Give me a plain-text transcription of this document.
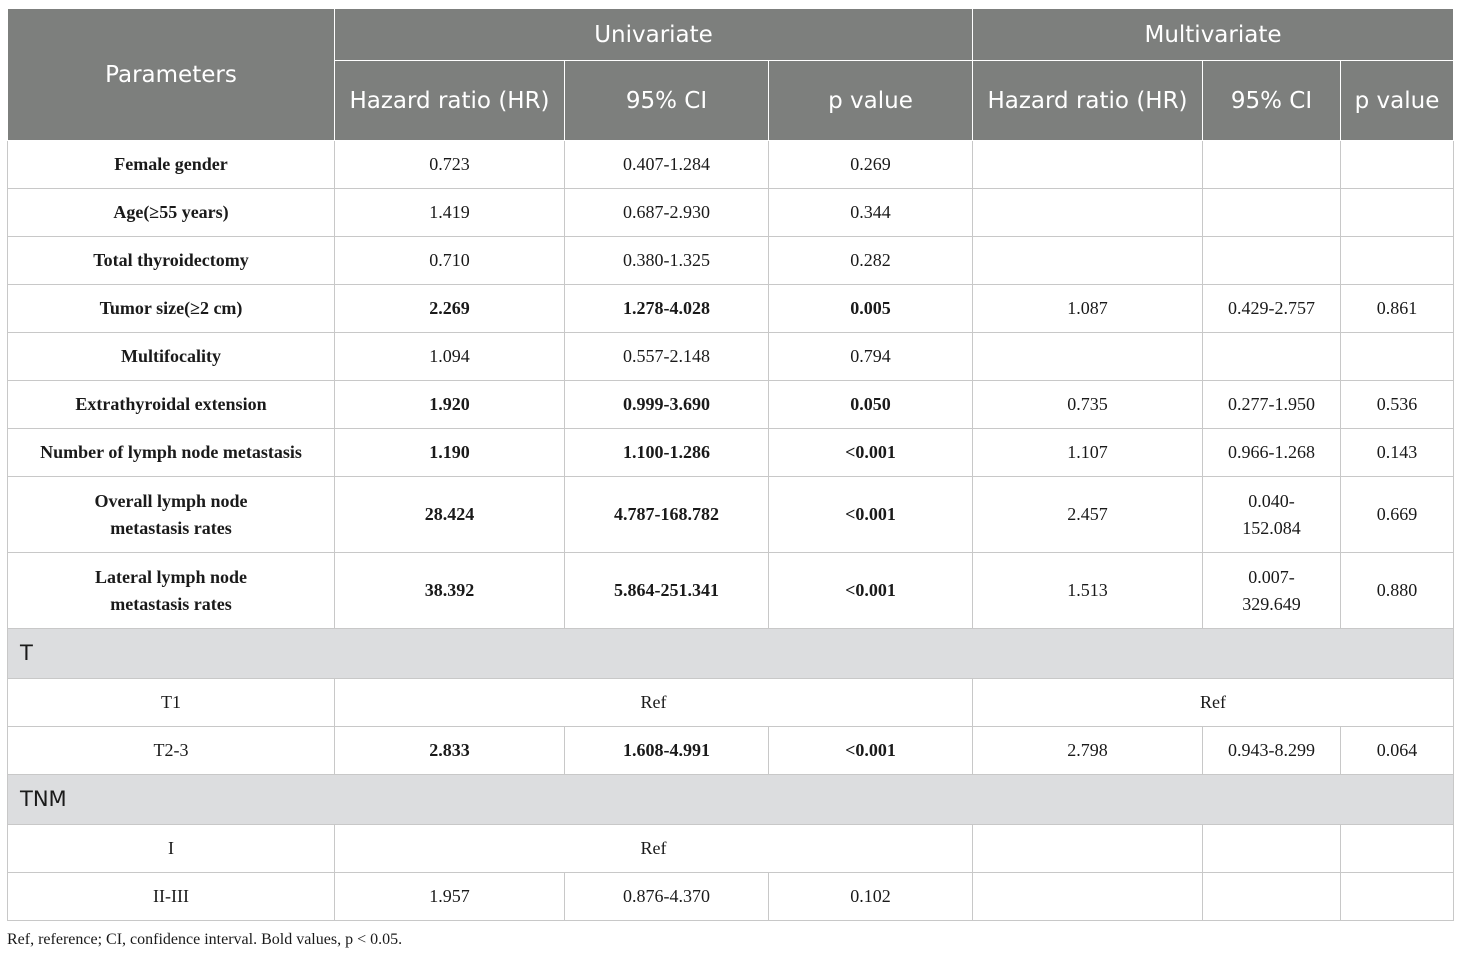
Parameters	Univariate			Multivariate		
	Hazard ratio (HR)	95% CI	p value	Hazard ratio (HR)	95% CI	p value
Female gender	0.723	0.407-1.284	0.269			
Age(≥55 years)	1.419	0.687-2.930	0.344			
Total thyroidectomy	0.710	0.380-1.325	0.282			
Tumor size(≥2 cm)	2.269	1.278-4.028	0.005	1.087	0.429-2.757	0.861
Multifocality	1.094	0.557-2.148	0.794			
Extrathyroidal extension	1.920	0.999-3.690	0.050	0.735	0.277-1.950	0.536
Number of lymph node metastasis	1.190	1.100-1.286	<0.001	1.107	0.966-1.268	0.143
Overall lymph node metastasis rates	28.424	4.787-168.782	<0.001	2.457	0.040-152.084	0.669
Lateral lymph node metastasis rates	38.392	5.864-251.341	<0.001	1.513	0.007-329.649	0.880
T						
T1	Ref			Ref		
T2-3	2.833	1.608-4.991	<0.001	2.798	0.943-8.299	0.064
TNM						
I	Ref					
II-III	1.957	0.876-4.370	0.102			
Ref, reference; CI, confidence interval. Bold values, p < 0.05.
